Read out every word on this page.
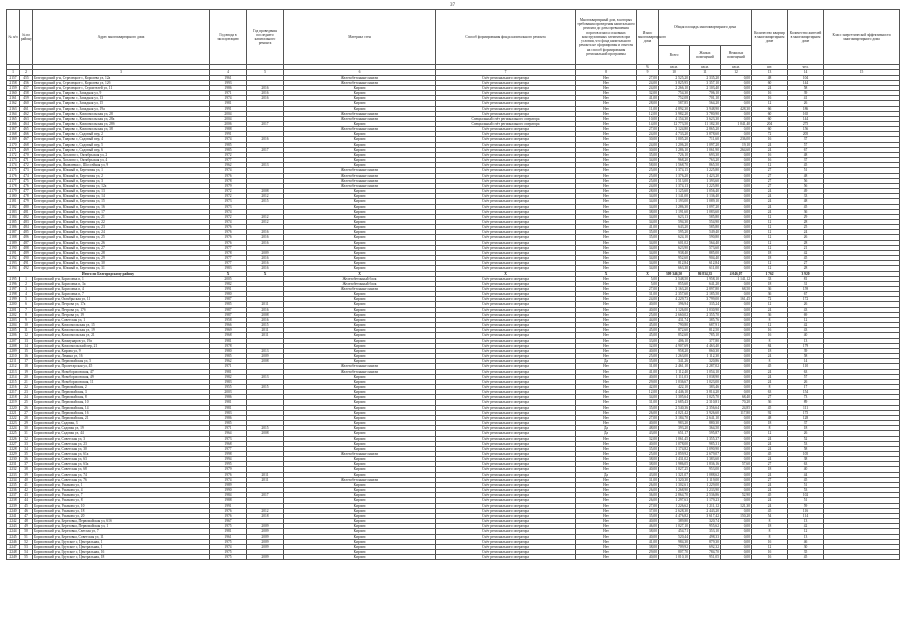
37
№ п/п	№ по району	Адрес многоквартирного дома	Год ввода в эксплуатацию	Год проведения последнего капитального ремонта	Материал стен	Способ формирования фонда капитального ремонта	Многоквартирный дом, в которых требования проведения капитального ремонта до даты превышения порогов износа основных конструктивных элементов при условии, что фонд капитального ремонта не сформирован и отнесен на способ формирования региональной программы	Износ многоквартирного дома	Общая площадь многоквартирного дома			Количество квартир в многоквартирном доме	Количество жителей в многоквартирном доме	Класс энергетической эффективности многоквартирного дома
									Всего	Жилых помещений	Нежилых помещений			
								%	кв.м.	кв.м.	кв.м.	шт.	чел.	
1	2	3	4	5	6	7	8	9	10	11	12	13	14	15
2157	455	Белгородский р-н, Стрелецкое с, Королева ул, 12а	1961		Железобетонные панели	Счёт регионального оператора	Нет	27,00	2 525,20	2 335,20	0,00	48	104	
2158	456	Белгородский р-н, Стрелецкое с, Королева ул, 12б	1993		Железобетонные панели	Счёт регионального оператора	Нет	24,00	3 825,95	3 357,10	0,00	60	144	
2159	457	Белгородский р-н, Стрелецкое с, Строителей ул, 11	1986	2016	Кирпич	Счёт регионального оператора	Нет	24,00	2 266,10	2 103,40	0,00	24	58	
2160	458	Белгородский р-н, Таврово с, Западная ул, 9	1971	2016	Кирпич	Счёт регионального оператора	Нет	32,00	754,30	706,10	0,00	16	39	
2161	459	Белгородский р-н, Таврово с, Западная ул, 13	1974	2016	Кирпич	Счёт регионального оператора	Нет	41,00	752,08	701,10	0,00	16	41	
2162	460	Белгородский р-н, Таврово с, Западная ул, 15	1981		Кирпич	Счёт регионального оператора	Нет	28,00	587,85	564,20	0,00	12	26	
2163	461	Белгородский р-н, Таврово с, Западная ул, 19а	1991		Кирпич	Счёт регионального оператора	Нет	11,00	4 892,30	3 948,90	428,30	66	186	
2164	462	Белгородский р-н, Таврово с, Комсомольская ул, 28	2004		Железобетонные панели	Счёт регионального оператора	Нет	12,00	3 982,20	3 780,90	0,00	60	165	
2165	463	Белгородский р-н, Таврово с, Комсомольская ул, 28а	2004		Железобетонные панели	Специальный счёт регионального оператора	Нет	10,00	4 154,30	3 623,30	0,00	60	144	
2166	464	Белгородский р-н, Таврово с, Комсомольская ул, 28б	2006	2017	Кирпич	Специальный счёт регионального оператора	Нет	14,00	12 773,50	11 182,30	1 041,40	204	275	
2167	465	Белгородский р-н, Таврово с, Комсомольская ул, 38	1988		Железобетонные панели	Счёт регионального оператора	Нет	27,00	3 124,80	2 865,20	0,00	60	156	
2168	466	Белгородский р-н, Таврово с, Садовый пер, 2	1991		Кирпич	Счёт регионального оператора	Нет	24,00	4 733,20	3 878,60	0,00	72	205	
2169	467	Белгородский р-н, Таврово с, Садовый пер, 4	1974	2016	Кирпич	Счёт регионального оператора	Нет	30,00	1 005,20	711,60	236,00	16	37	
2170	468	Белгородский р-н, Таврово с, Садовый пер, 5	1985		Кирпич	Счёт регионального оператора	Нет	24,00	1 206,20	1 097,20	19,10	24	57	
2171	469	Белгородский р-н, Таврово с, Садовый пер, 6	1985	2017	Кирпич	Счёт регионального оператора	Нет	30,00	1 286,10	1 061,90	264,60	24	67	
2172	470	Белгородский р-н, Хохлово с, Октябрьская ул, 2	1972		Кирпич	Счёт регионального оператора	Нет	35,00	726,10	693,30	0,00	16	48	
2173	471	Белгородский р-н, Хохлово с, Октябрьская ул, 4	1977		Кирпич	Счёт регионального оператора	Нет	34,00	968,20	763,20	0,00	16	37	
2174	472	Белгородский р-н, Яковлевка с, Шоссейная ул, 9	1962	2013	Кирпич	Счёт регионального оператора	Нет	58,00	1 568,70	865,50	0,00	12	45	
2175	473	Белгородский р-н, Южный п, Березовая ул, 1	1974		Железобетонные панели	Счёт регионального оператора	Нет	25,00	1 374,15	1 225,80	0,00	27	51	
2176	474	Белгородский р-н, Южный п, Березовая ул, 2	1976		Железобетонные панели	Счёт регионального оператора	Нет	25,00	1 376,20	1 423,20	0,00	27	48	
2177	475	Белгородский р-н, Южный п, Березовая ул, 3	1978		Железобетонные панели	Счёт регионального оператора	Нет	25,00	1 513,00	1 393,60	0,00	27	56	
2178	476	Белгородский р-н, Южный п, Березовая ул, 12а	1979		Железобетонные панели	Счёт регионального оператора	Нет	24,00	1 374,13	1 225,80	0,00	27	56	
2179	477	Белгородский р-н, Южный п, Березовая ул, 13	1972	2008	Кирпич	Счёт регионального оператора	Нет	28,00	1 125,60	1 056,40	0,00	24	49	
2180	478	Белгородский р-н, Южный п, Березовая ул, 14	1972	2012	Кирпич	Счёт регионального оператора	Нет	34,00	1 141,00	1 136,40	0,00	24	33	
2181	479	Белгородский р-н, Южный п, Березовая ул, 15	1973	2015	Кирпич	Счёт регионального оператора	Нет	34,00	1 193,00	1 089,10	0,00	24	48	
2182	480	Белгородский р-н, Южный п, Березовая ул, 16	1973		Кирпич	Счёт регионального оператора	Нет	34,00	1 286,30	1 097,20	0,00	24	45	
2183	481	Белгородский р-н, Южный п, Березовая ул, 17	1974		Кирпич	Счёт регионального оператора	Нет	38,00	1 191,60	1 083,60	0,00	24	36	
2184	482	Белгородский р-н, Южный п, Березовая ул, 21	1972	2012	Кирпич	Счёт регионального оператора	Нет	34,00	623,13	585,80	0,00	12	29	
2185	483	Белгородский р-н, Южный п, Березовая ул, 22	1974	2012	Кирпич	Счёт регионального оператора	Нет	34,00	594,30	554,90	0,00	12	28	
2186	484	Белгородский р-н, Южный п, Березовая ул, 23	1976		Кирпич	Счёт регионального оператора	Нет	41,00	643,20	585,80	0,00	12	25	
2187	485	Белгородский р-н, Южный п, Березовая ул, 24	1976	2016	Кирпич	Счёт регионального оператора	Нет	35,00	595,20	549,40	0,00	12	24	
2188	486	Белгородский р-н, Южный п, Березовая ул, 25	1976	2016	Кирпич	Счёт регионального оператора	Нет	35,00	624,10	590,80	0,00	12	26	
2189	487	Белгородский р-н, Южный п, Березовая ул, 26	1976	2016	Кирпич	Счёт регионального оператора	Нет	34,00	601,02	564,40	0,00	12	28	
2190	488	Белгородский р-н, Южный п, Березовая ул, 27	1977		Кирпич	Счёт регионального оператора	Нет	34,00	623,90	573,60	0,00	12	21	
2191	489	Белгородский р-н, Южный п, Березовая ул, 28	1978	2009	Кирпич	Счёт регионального оператора	Нет	34,00	938,40	885,00	0,00	18	42	
2192	490	Белгородский р-н, Южный п, Березовая ул, 29	1977	2016	Кирпич	Счёт регионального оператора	Нет	34,00	952,60	904,40	0,00	18	45	
2193	491	Белгородский р-н, Южный п, Березовая ул, 30	1977	2016	Кирпич	Счёт регионального оператора	Нет	34,00	812,84	612,84	0,00	12	27	
2194	492	Белгородский р-н, Южный п, Березовая ул, 31	1983	2016	Кирпич	Счёт регионального оператора	Нет	34,00	663,30	611,00	0,00	12	28	
Итого по Белгородскому району			X	X	X	X	X	X	309 346,50	86 834,35	4 046,07	1 762	3 920	
2195	1	Борисовский р-н, Борисовка п, 1	2005		Железобетонный блок	Счёт регионального оператора	Нет	5,00	3 548,50	1 958,10	1 141,12	33	81	
2196	2	Борисовский р-н, Борисовка п, 3а	1982		Железобетонный блок	Счёт регионального оператора	Нет	5,00	855,60	641,20	0,00	18	31	
2197	3	Борисовский р-н, Борисовка п, 4	1991		Железобетонные панели	Счёт регионального оператора	Нет	27,00	3 163,20	2 897,80	68,50	36	159	
2198	4	Борисовский р-н, Борисовка п, 7	1980		Кирпич	Счёт регионального оператора	Нет	31,00	2 357,60	2 185,50	0,00	36	67	
2199	5	Борисовский р-н, Октябрьская ул, 11	1987		Кирпич	Счёт регионального оператора	Нет	24,00	4 229,73	3 799,00	161,45	72	172	
2200	6	Борисовский р-н, Петрова ул, 17а	1985	2011	Кирпич	Счёт регионального оператора	Нет	40,00	396,94	335,24	0,00	12	26	
2201	7	Борисовский р-н, Петрова ул, 17б	1987	2016	Кирпич	Счёт регионального оператора	Нет	40,00	1 126,00	1 030,90	0,00	24	43	
2202	8	Борисовский р-н, Петрова ул, 19	1987	2008	Кирпич	Счёт регионального оператора	Нет	25,00	2 660,02	2 355,70	0,00	36	69	
2203	9	Борисовский р-н, Советская ул, 1	1958	2016	Кирпич	Счёт регионального оператора	Нет	44,00	431,74	385,76	0,00	8	12	
2204	10	Борисовский р-н, Комсомольская ул, 15	1966	2015	Кирпич	Счёт регионального оператора	Нет	45,00	790,80	687,91	0,00	12	42	
2205	11	Борисовский р-н, Комсомольская ул, 19	1969	2011	Кирпич	Счёт регионального оператора	Нет	45,00	872,60	812,50	0,00	16	43	
2206	12	Борисовский р-н, Комсомольская ул, 21	1968	2011	Кирпич	Счёт регионального оператора	Нет	45,00	852,60	785,10	0,00	16	40	
2207	13	Борисовский р-н, Коммунаров ул, 19а	1981		Кирпич	Счёт регионального оператора	Нет	33,00	406,10	377,80	0,00	8	13	
2208	14	Борисовский р-н, Комсомольский пер, 21	1978		Кирпич	Счёт регионального оператора	Нет	32,00	4 907,69	4 463,40	0,00	84	179	
2209	15	Борисовский р-н, Кирова ул, 9	1980	2013	Кирпич	Счёт регионального оператора	Нет	40,00	958,20	860,30	0,00	18	39	
2210	16	Борисовский р-н, Ленина ул, 16	1985	2009	Кирпич	Счёт регионального оператора	Нет	25,00	1 263,00	1 112,30	0,00	24	58	
2211	17	Борисовский р-н, Первомайская ул, 5	1962	2008	Кирпич	Счёт регионального оператора	Да	35,00	341,26	320,86	0,00	8	14	
2212	18	Борисовский р-н, Пролетарская ул, 45	1971		Железобетонные панели	Счёт регионального оператора	Нет	31,00	2 461,10	2 287,02	0,00	45	110	
2213	19	Борисовский р-н, Новоборисовская, 47	1981		Железобетонные панели	Счёт регионального оператора	Нет	41,00	1 112,40	1 054,10	0,00	24	63	
2214	20	Борисовский р-н, Новоборисовская, 49	1982	2013	Кирпич	Счёт регионального оператора	Нет	40,00	1 111,03	1 038,90	0,00	24	57	
2215	21	Борисовский р-н, Новоборисовская, 11	1983		Кирпич	Счёт регионального оператора	Нет	29,00	1 036,67	1 023,00	0,00	24	26	
2216	22	Борисовский р-н, Первомайская, 2	1955	2015	Кирпич	Счёт регионального оператора	Нет	42,00	422,10	383,46	0,00	8	17	
2217	23	Борисовский р-н, Первомайская, 3	2003		Кирпич	Счёт регионального оператора	Нет	12,00	4 446,10	3 814,20	0,00	63	154	
2218	24	Борисовский р-н, Первомайская, 8	1986		Кирпич	Счёт регионального оператора	Нет	34,00	1 305,64	1 025,70	68,40	27	73	
2219	25	Борисовский р-н, Первомайская, 10	1981		Кирпич	Счёт регионального оператора	Нет	31,00	2 685,43	2 310,81	70,20	36	89	
2220	26	Борисовский р-н, Первомайская, 14	1981		Кирпич	Счёт регионального оператора	Нет	35,00	2 540,36	2 356,64	24,85	45	111	
2221	27	Борисовский р-н, Первомайская, 16	1983		Кирпич	Счёт регионального оператора	Нет	26,00	4 021,42	3 926,60	117,80	92	175	
2222	28	Борисовский р-н, Первомайская, 21	1986		Кирпич	Счёт регионального оператора	Нет	27,00	3 184,70	2 641,10	0,00	48	128	
2223	29	Борисовский р-н, Садовая, 3	1985		Кирпич	Счёт регионального оператора	Нет	40,00	983,20	880,30	0,00	18	37	
2224	30	Борисовский р-н, Садовая ул, 19	1971	2015	Кирпич	Счёт регионального оператора	Да	48,00	393,20	364,50	0,00	8	18	
2225	31	Борисовский р-н, Садовая ул, 44	1964	2008	Кирпич	Счёт регионального оператора	Да	43,00	651,17	595,87	0,00	12	26	
2226	32	Борисовский р-н, Советская ул, 3	1973		Кирпич	Счёт регионального оператора	Нет	32,00	1 061,45	1 355,37	0,00	24	52	
2227	33	Борисовский р-н, Советская ул, 23	1968		Кирпич	Счёт регионального оператора	Нет	40,00	1 078,00	985,31	0,00	24	53	
2228	34	Борисовский р-н, Советская ул, 30	1977		Кирпич	Счёт регионального оператора	Нет	35,00	1 174,82	1 090,90	0,00	24	58	
2229	35	Борисовский р-н, Советская ул, 61а	1998		Железобетонные панели	Счёт регионального оператора	Нет	25,00	2 859,92	2 679,07	0,00	45	105	
2230	36	Борисовский р-н, Советская ул, 63	1994		Кирпич	Счёт регионального оператора	Нет	38,00	1 431,02	1 383,60	0,00	24	38	
2231	37	Борисовский р-н, Советская ул, 63а	1995		Кирпич	Счёт регионального оператора	Нет	38,00	1 986,05	1 836,16	57,60	27	63	
2232	38	Борисовский р-н, Советская ул, 68	1979		Кирпич	Счёт регионального оператора	Нет	40,00	1 027,25	953,00	0,00	18	40	
2233	39	Борисовский р-н, Советская ул, 74	1976	2011	Кирпич	Счёт регионального оператора	Да	43,00	1 321,07	1 088,62	0,00	24	44	
2234	40	Борисовский р-н, Советская ул, 76	1974	2011	Железобетонные панели	Счёт регионального оператора	Нет	31,00	1 320,30	1 119,00	0,00	27	45	
2235	41	Борисовский р-н, Ушакова ул, 1	1989		Кирпич	Счёт регионального оператора	Нет	26,00	1 302,61	1 229,00	0,00	24	51	
2236	42	Борисовский р-н, Ушакова ул, 4	1990		Кирпич	Счёт регионального оператора	Нет	26,00	1 268,90	1 233,90	0,00	24	53	
2237	43	Борисовский р-н, Ушакова ул, 7	1984	2017	Кирпич	Счёт регионального оператора	Нет	36,00	2 864,70	2 536,86	52,90	45	102	
2238	44	Борисовский р-н, Ушакова ул, 8	1988		Кирпич	Счёт регионального оператора	Нет	26,00	1 297,63	1 179,23	0,00	24	51	
2239	45	Борисовский р-н, Ушакова ул, 10	1991		Кирпич	Счёт регионального оператора	Нет	27,00	1 226,62	1 211,12	121,30	24	59	
2240	46	Борисовский р-н, Ушакова ул, 18	1976	2012	Кирпич	Счёт регионального оператора	Нет	37,00	2 628,30	2 443,20	0,00	45	116	
2241	47	Борисовский р-н, Ушакова ул, 20	1976	2018	Кирпич	Счёт регионального оператора	Нет	35,00	4 476,82	3 617,42	150,20	54	114	
2242	48	Борисовский р-н, Березовка, Первомайская ул, 61б	1967		Кирпич	Счёт регионального оператора	Нет	40,00	389,80	320,74	0,00	8	13	
2243	49	Борисовский р-н, Березовка, Первомайская ул, 1	1975	2009	Кирпич	Счёт регионального оператора	Нет	46,00	1 027,10	955,62	0,00	18	42	
2244	50	Борисовский р-н, Березовка, Светлая ул, 7	1981	2009	Кирпич	Счёт регионального оператора	Нет	38,00	454,71	353,10	0,00	8	12	
2245	51	Борисовский р-н, Березовка, Советская ул, 11	1961	2009	Кирпич	Счёт регионального оператора	Нет	40,00	520,44	498,33	0,00	8	13	
2246	52	Борисовский р-н, Грузское с, Центральная, 1	1975	2009	Кирпич	Счёт регионального оператора	Нет	41,00	984,30	879,30	0,00	16	46	
2247	53	Борисовский р-н, Грузское с, Центральная, 1	1974	2009	Кирпич	Счёт регионального оператора	Нет	38,00	709,92	692,32	0,00	12	30	
2248	54	Борисовский р-н, Грузское с, Центральная, 16	1975		Кирпич	Счёт регионального оператора	Нет	29,00	807,70	784,70	0,00	16	35	
2249	55	Борисовский р-н, Грузское с, Центральная, 18	1975	2009	Кирпич	Счёт регионального оператора	Нет	40,00	1 010,10	951,05	0,00	16	45	
